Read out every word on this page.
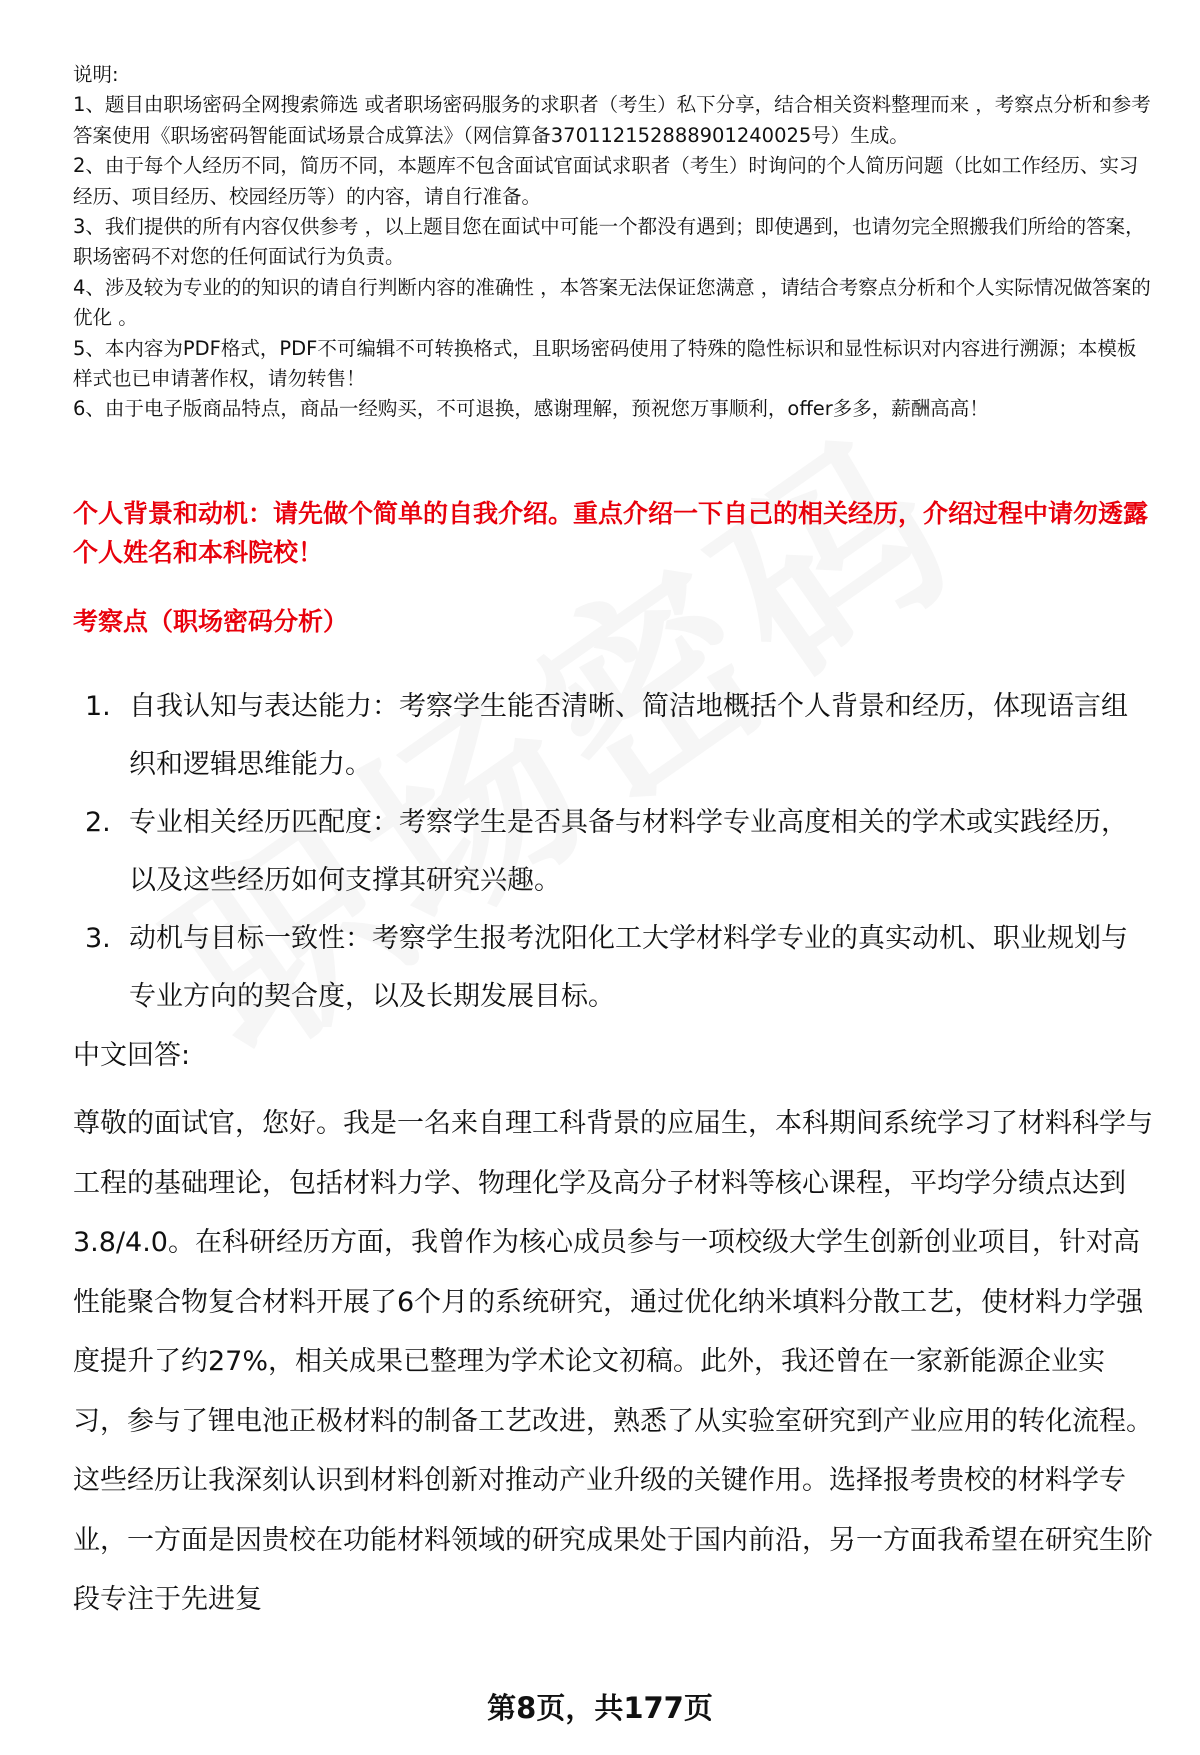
说明:

1、题目由职场密码全网搜索筛选 或者职场密码服务的求职者（考生）私下分享，结合相关资料整理而来 ，考察点分析和参考答案使用《职场密码智能面试场景合成算法》（网信算备370112152888901240025号）生成。

2、由于每个人经历不同，简历不同，本题库不包含面试官面试求职者（考生）时询问的个人简历问题（比如工作经历、实习经历、项目经历、校园经历等）的内容，请自行准备。

3、我们提供的所有内容仅供参考 ，以上题目您在面试中可能一个都没有遇到；即使遇到，也请勿完全照搬我们所给的答案，职场密码不对您的任何面试行为负责。

4、涉及较为专业的的知识的请自行判断内容的准确性 ，本答案无法保证您满意 ，请结合考察点分析和个人实际情况做答案的优化 。

5、本内容为PDF格式，PDF不可编辑不可转换格式，且职场密码使用了特殊的隐性标识和显性标识对内容进行溯源；本模板样式也已申请著作权，请勿转售！

6、由于电子版商品特点，商品一经购买，不可退换，感谢理解，预祝您万事顺利，offer多多，薪酬高高！

个人背景和动机：请先做个简单的自我介绍。重点介绍一下自己的相关经历，介绍过程中请勿透露个人姓名和本科院校！
考察点（职场密码分析）
1. 自我认知与表达能力：考察学生能否清晰、简洁地概括个人背景和经历，体现语言组织和逻辑思维能力。
2. 专业相关经历匹配度：考察学生是否具备与材料学专业高度相关的学术或实践经历，以及这些经历如何支撑其研究兴趣。
3. 动机与目标一致性：考察学生报考沈阳化工大学材料学专业的真实动机、职业规划与专业方向的契合度，以及长期发展目标。

中文回答:

尊敬的面试官，您好。我是一名来自理工科背景的应届生，本科期间系统学习了材料科学与工程的基础理论，包括材料力学、物理化学及高分子材料等核心课程，平均学分绩点达到3.8/4.0。在科研经历方面，我曾作为核心成员参与一项校级大学生创新创业项目，针对高性能聚合物复合材料开展了6个月的系统研究，通过优化纳米填料分散工艺，使材料力学强度提升了约27%，相关成果已整理为学术论文初稿。此外，我还曾在一家新能源企业实习，参与了锂电池正极材料的制备工艺改进，熟悉了从实验室研究到产业应用的转化流程。这些经历让我深刻认识到材料创新对推动产业升级的关键作用。选择报考贵校的材料学专业，一方面是因贵校在功能材料领域的研究成果处于国内前沿，另一方面我希望在研究生阶段专注于先进复

第8页，共177页
